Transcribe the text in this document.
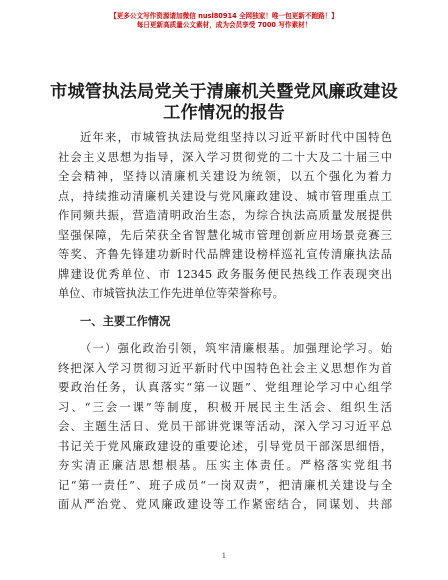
【更多公文写作资源请加微信 nusl80914 全网独家！唯一包更新不跑路！】
每日更新高质量公文素材，成为会员享受 7000 写作素材！
市城管执法局党关于清廉机关暨党风廉政建设
工作情况的报告
近年来，市城管执法局党组坚持以习近平新时代中国特色
社会主义思想为指导，深入学习贯彻党的二十大及二十届三中
全会精神，坚持以清廉机关建设为统领，以五个强化为着力
点，持续推动清廉机关建设与党风廉政建设、城市管理重点工
作同频共振，营造清明政治生态，为综合执法高质量发展提供
坚强保障，先后荣获全省智慧化城市管理创新应用场景竞赛三
等奖、齐鲁先锋建功新时代品牌建设榜样巡礼宣传清廉执法品
牌建设优秀单位、市 12345 政务服务便民热线工作表现突出
单位、市城管执法工作先进单位等荣誉称号。
一、主要工作情况
（一）强化政治引领，筑牢清廉根基。加强理论学习。始
终把深入学习贯彻习近平新时代中国特色社会主义思想作为首
要政治任务，认真落实“第一议题”、党组理论学习中心组学
习、“三会一课”等制度，积极开展民主生活会、组织生活
会、主题生活日、党员干部讲党课等活动，深入学习习近平总
书记关于党风廉政建设的重要论述，引导党员干部深思细悟，
夯实清正廉洁思想根基。压实主体责任。严格落实党组书
记“第一责任”、班子成员“一岗双责”，把清廉机关建设与全
面从严治党、党风廉政建设等工作紧密结合，同谋划、共部
1
